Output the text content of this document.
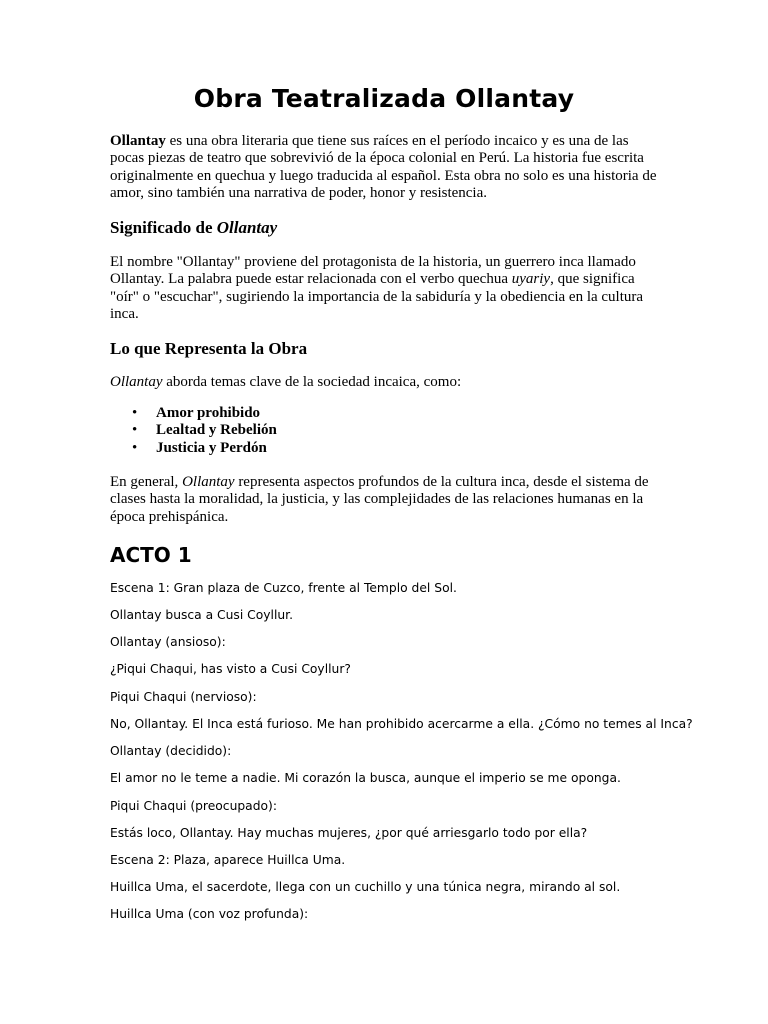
Obra Teatralizada Ollantay

Ollantay es una obra literaria que tiene sus raíces en el período incaico y es una de las pocas piezas de teatro que sobrevivió de la época colonial en Perú. La historia fue escrita originalmente en quechua y luego traducida al español. Esta obra no solo es una historia de amor, sino también una narrativa de poder, honor y resistencia.

Significado de Ollantay

El nombre "Ollantay" proviene del protagonista de la historia, un guerrero inca llamado Ollantay. La palabra puede estar relacionada con el verbo quechua uyariy, que significa "oír" o "escuchar", sugiriendo la importancia de la sabiduría y la obediencia en la cultura inca.

Lo que Representa la Obra

Ollantay aborda temas clave de la sociedad incaica, como:

• Amor prohibido
• Lealtad y Rebelión
• Justicia y Perdón

En general, Ollantay representa aspectos profundos de la cultura inca, desde el sistema de clases hasta la moralidad, la justicia, y las complejidades de las relaciones humanas en la época prehispánica.

ACTO 1

Escena 1: Gran plaza de Cuzco, frente al Templo del Sol.

Ollantay busca a Cusi Coyllur.

Ollantay (ansioso):

¿Piqui Chaqui, has visto a Cusi Coyllur?

Piqui Chaqui (nervioso):

No, Ollantay. El Inca está furioso. Me han prohibido acercarme a ella. ¿Cómo no temes al Inca?

Ollantay (decidido):

El amor no le teme a nadie. Mi corazón la busca, aunque el imperio se me oponga.

Piqui Chaqui (preocupado):

Estás loco, Ollantay. Hay muchas mujeres, ¿por qué arriesgarlo todo por ella?

Escena 2: Plaza, aparece Huillca Uma.

Huillca Uma, el sacerdote, llega con un cuchillo y una túnica negra, mirando al sol.

Huillca Uma (con voz profunda):
